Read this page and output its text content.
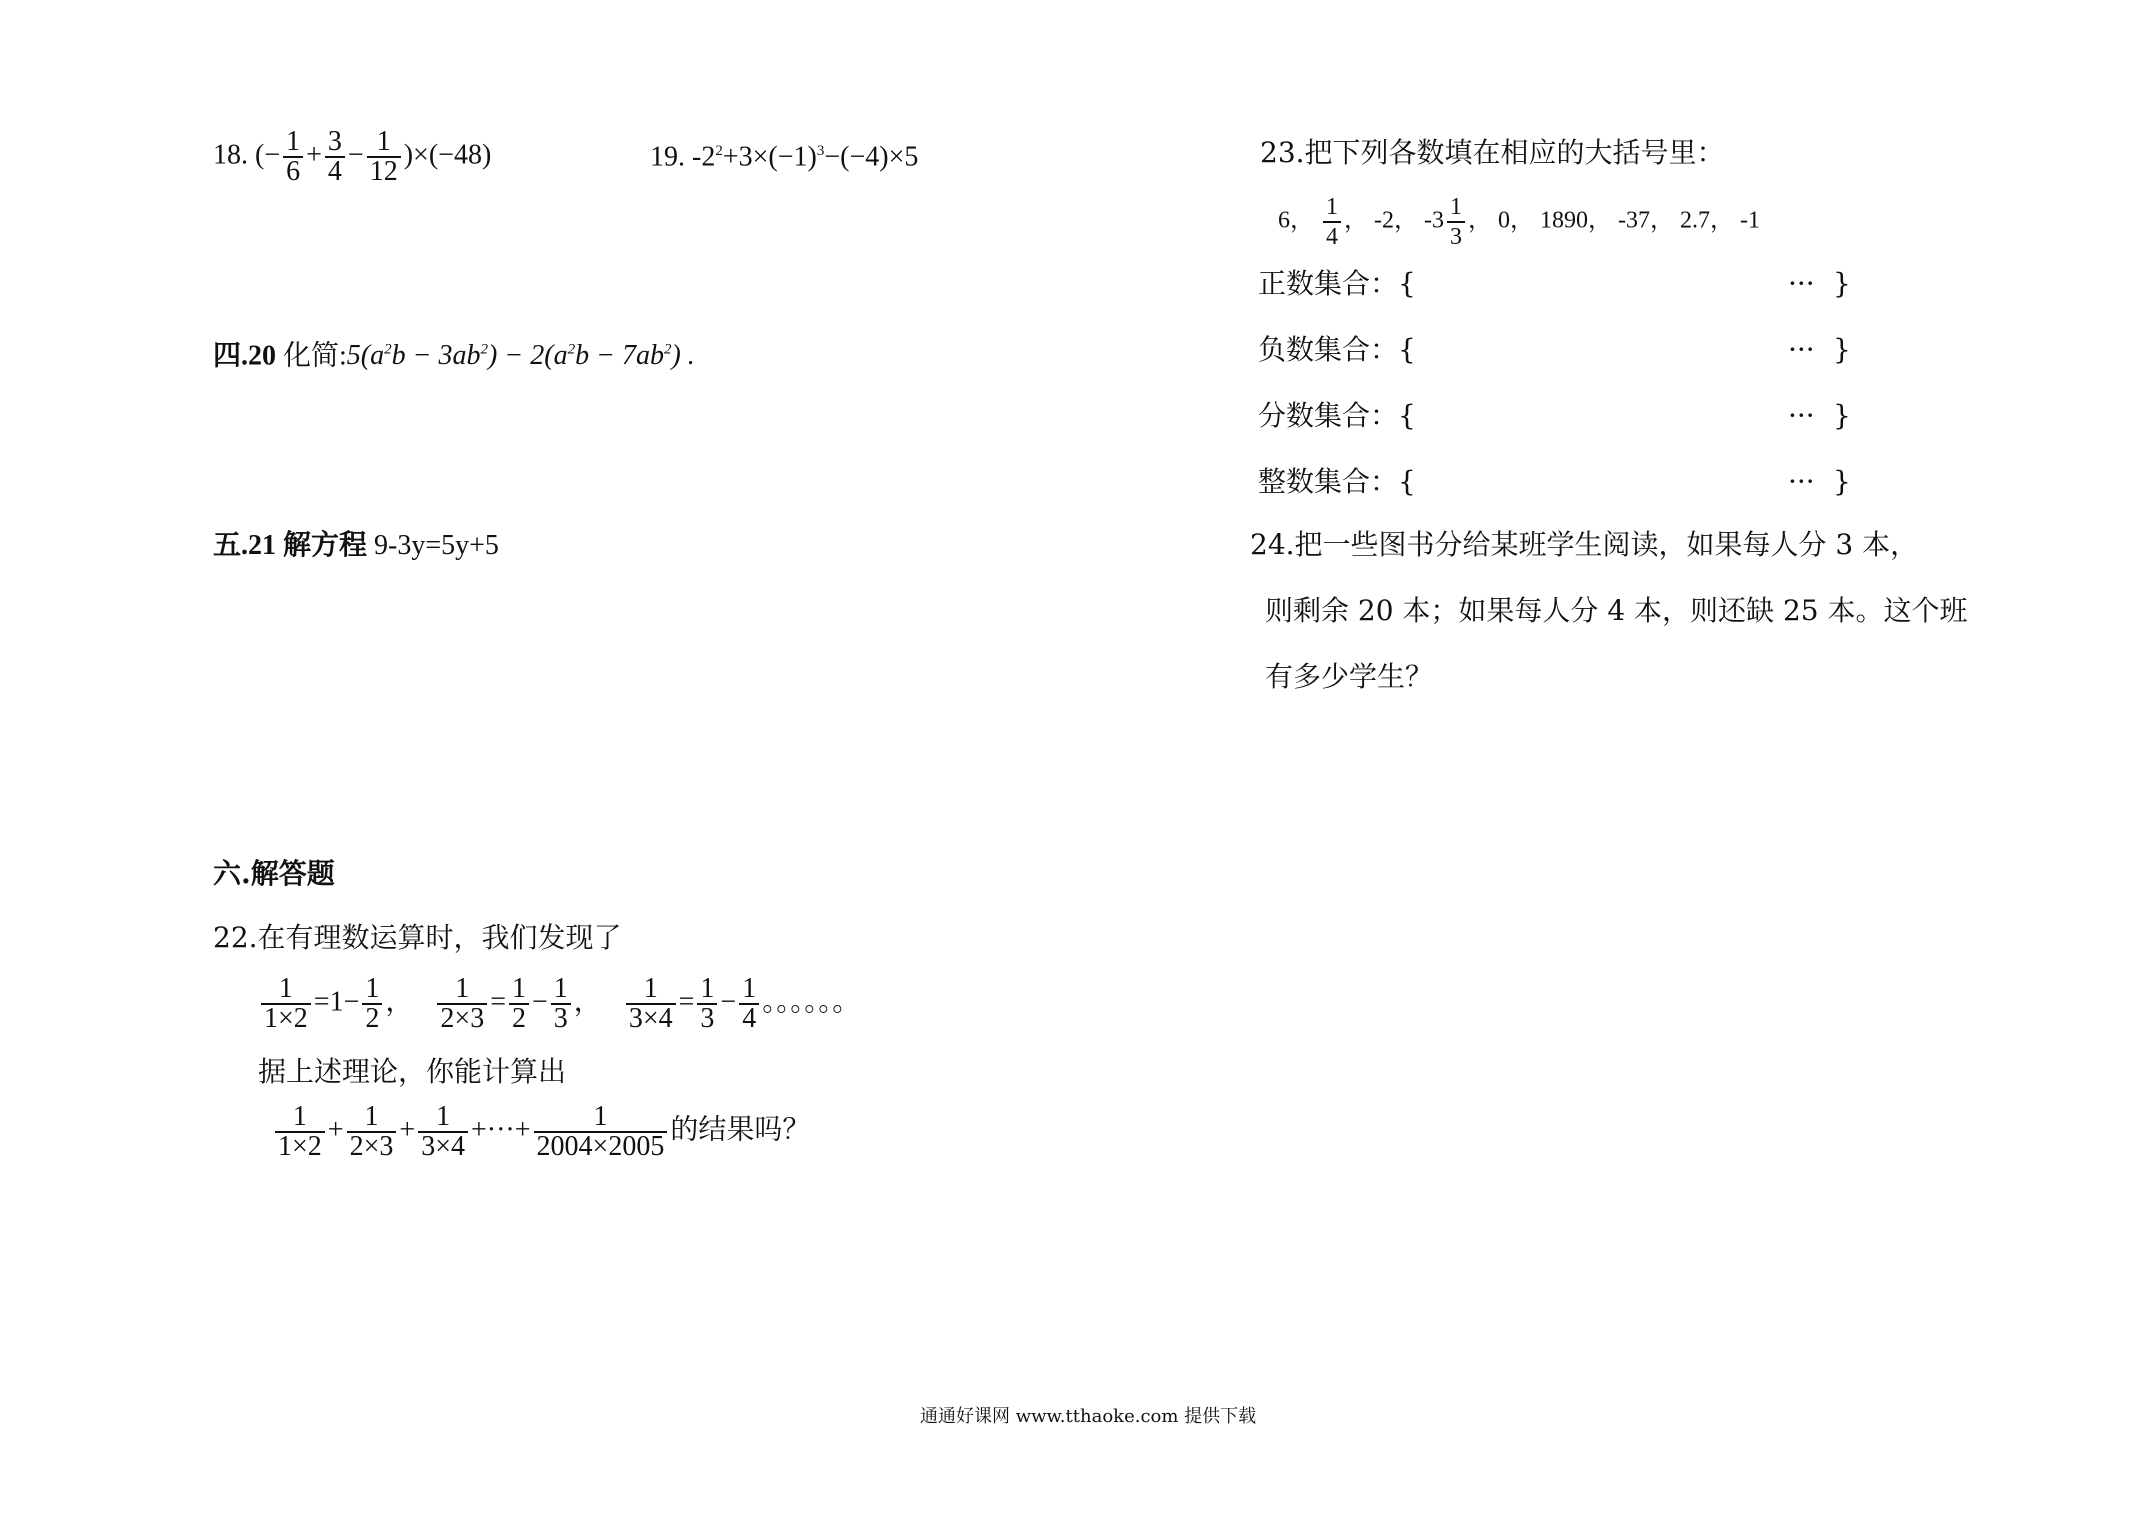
18. (− $\frac{1}{6} + \frac{3}{4} - \frac{1}{12} )\times(-48)$	19. $-2^2+3\times(-1)^3-(-4)\times 5$
四.20 化简$:5(a^2b - 3ab^2) - 2(a^2b - 7ab^2)$ .
五.21 解方程 9-3y=5y+5
六.解答题
22.在有理数运算时，我们发现了
$\frac{1}{1\times 2} =1- \frac{1}{2}$ ， $\frac{1}{2\times 3} = \frac{1}{2} - \frac{1}{3}$ ， $\frac{1}{3\times 4} = \frac{1}{3} - \frac{1}{4}$ 。。。。。。
据上述理论，你能计算出
$\frac{1}{1\times 2} + \frac{1}{2\times 3} + \frac{1}{3\times 4}$ +···+ $\frac{1}{2004\times 2005}$ 的结果吗？
23.把下列各数填在相应的大括号里：
6， $\frac{1}{4}$ ， -2， $-3 \frac{1}{3}$ ， 0， 1890， -37， 2.7， -1
正数集合：{	··· }
负数集合：{	··· }
分数集合：{	··· }
整数集合：{	··· }
24.把一些图书分给某班学生阅读，如果每人分 3 本，
则剩余 20 本；如果每人分 4 本，则还缺 25 本。这个班
有多少学生？
通通好课网 www.tthaoke.com 提供下载
